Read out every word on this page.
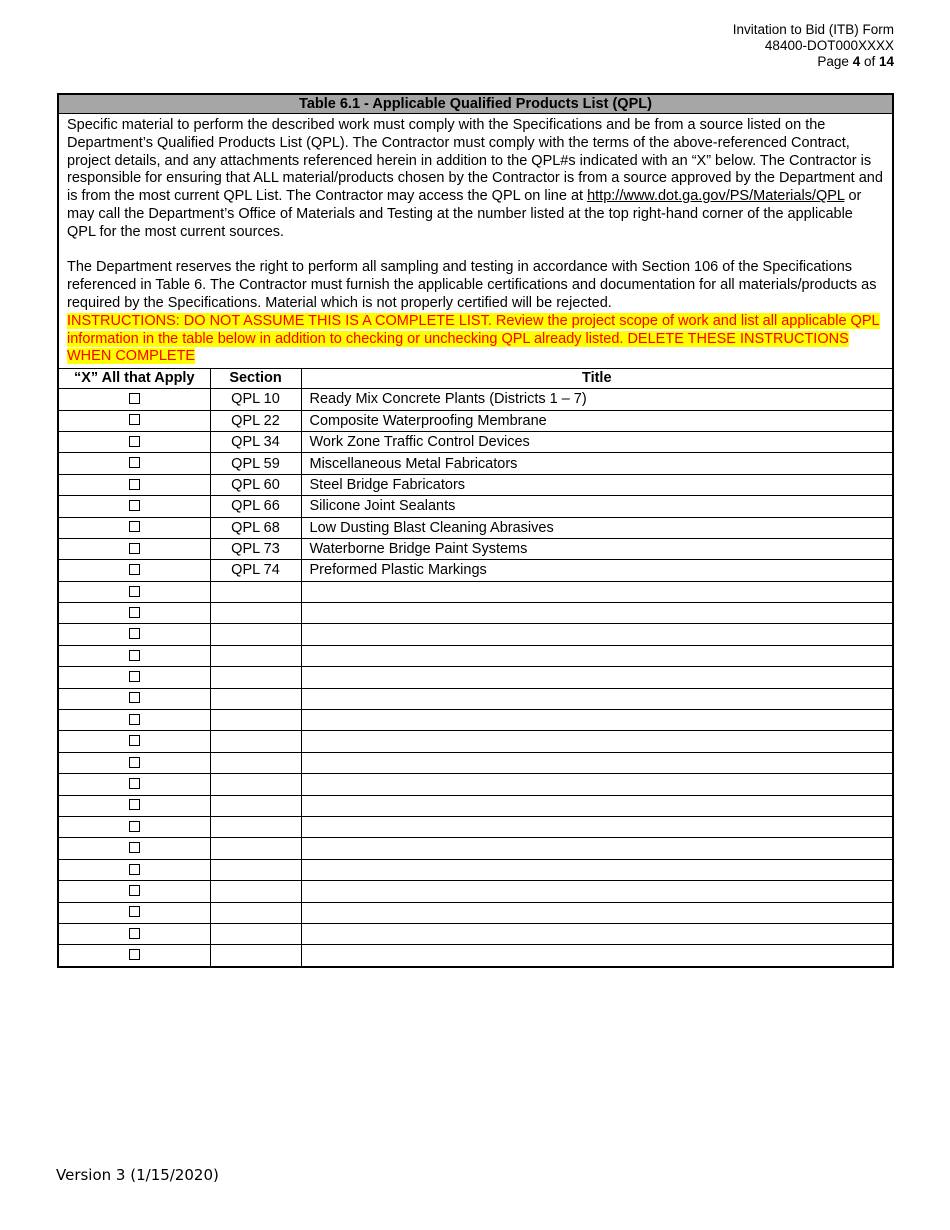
Invitation to Bid (ITB) Form
48400-DOT000XXXX
Page 4 of 14
Table 6.1 - Applicable Qualified Products List (QPL)		

Specific material to perform the described work must comply with the Specifications and be from a source listed on the Department’s Qualified Products List (QPL). The Contractor must comply with the terms of the above-referenced Contract, project details, and any attachments referenced herein in addition to the QPL#s indicated with an “X” below. The Contractor is responsible for ensuring that ALL material/products chosen by the Contractor is from a source approved by the Department and is from the most current QPL List. The Contractor may access the QPL on line at http://www.dot.ga.gov/PS/Materials/QPL or may call the Department’s Office of Materials and Testing at the number listed at the top right-hand corner of the applicable QPL for the most current sources.

The Department reserves the right to perform all sampling and testing in accordance with Section 106 of the Specifications referenced in Table 6. The Contractor must furnish the applicable certifications and documentation for all materials/products as required by the Specifications. Material which is not properly certified will be rejected.

INSTRUCTIONS: DO NOT ASSUME THIS IS A COMPLETE LIST. Review the project scope of work and list all applicable QPL information in the table below in addition to checking or unchecking QPL already listed. DELETE THESE INSTRUCTIONS WHEN COMPLETE		

“X” All that Apply	Section	Title
	QPL 10	Ready Mix Concrete Plants (Districts 1 – 7)
	QPL 22	Composite Waterproofing Membrane
	QPL 34	Work Zone Traffic Control Devices
	QPL 59	Miscellaneous Metal Fabricators
	QPL 60	Steel Bridge Fabricators
	QPL 66	Silicone Joint Sealants
	QPL 68	Low Dusting Blast Cleaning Abrasives
	QPL 73	Waterborne Bridge Paint Systems
	QPL 74	Preformed Plastic Markings

Version 3 (1/15/2020)
